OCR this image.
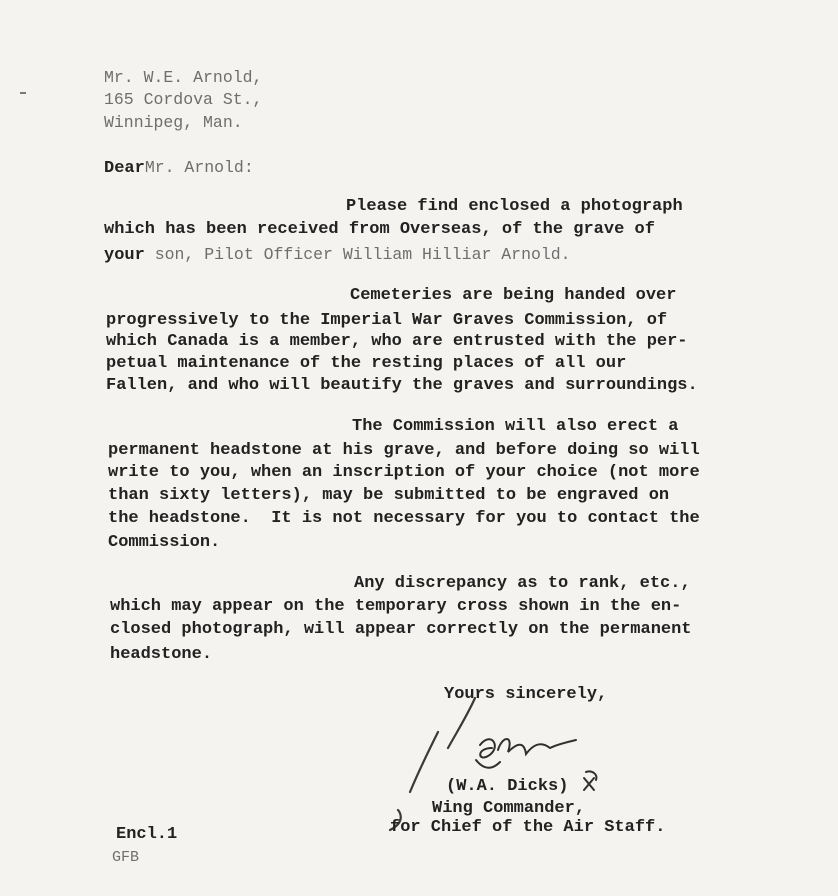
Mr. W.E. Arnold,
165 Cordova St.,
Winnipeg, Man.
DearMr. Arnold:
Please find enclosed a photograph
which has been received from Overseas, of the grave of
your son, Pilot Officer William Hilliar Arnold.
Cemeteries are being handed over
progressively to the Imperial War Graves Commission, of
which Canada is a member, who are entrusted with the per-
petual maintenance of the resting places of all our
Fallen, and who will beautify the graves and surroundings.
The Commission will also erect a
permanent headstone at his grave, and before doing so will
write to you, when an inscription of your choice (not more
than sixty letters), may be submitted to be engraved on
the headstone.  It is not necessary for you to contact the
Commission.
Any discrepancy as to rank, etc.,
which may appear on the temporary cross shown in the en-
closed photograph, will appear correctly on the permanent
headstone.
Yours sincerely,
(W.A. Dicks)
Wing Commander,
for Chief of the Air Staff.
Encl.1
GFB
